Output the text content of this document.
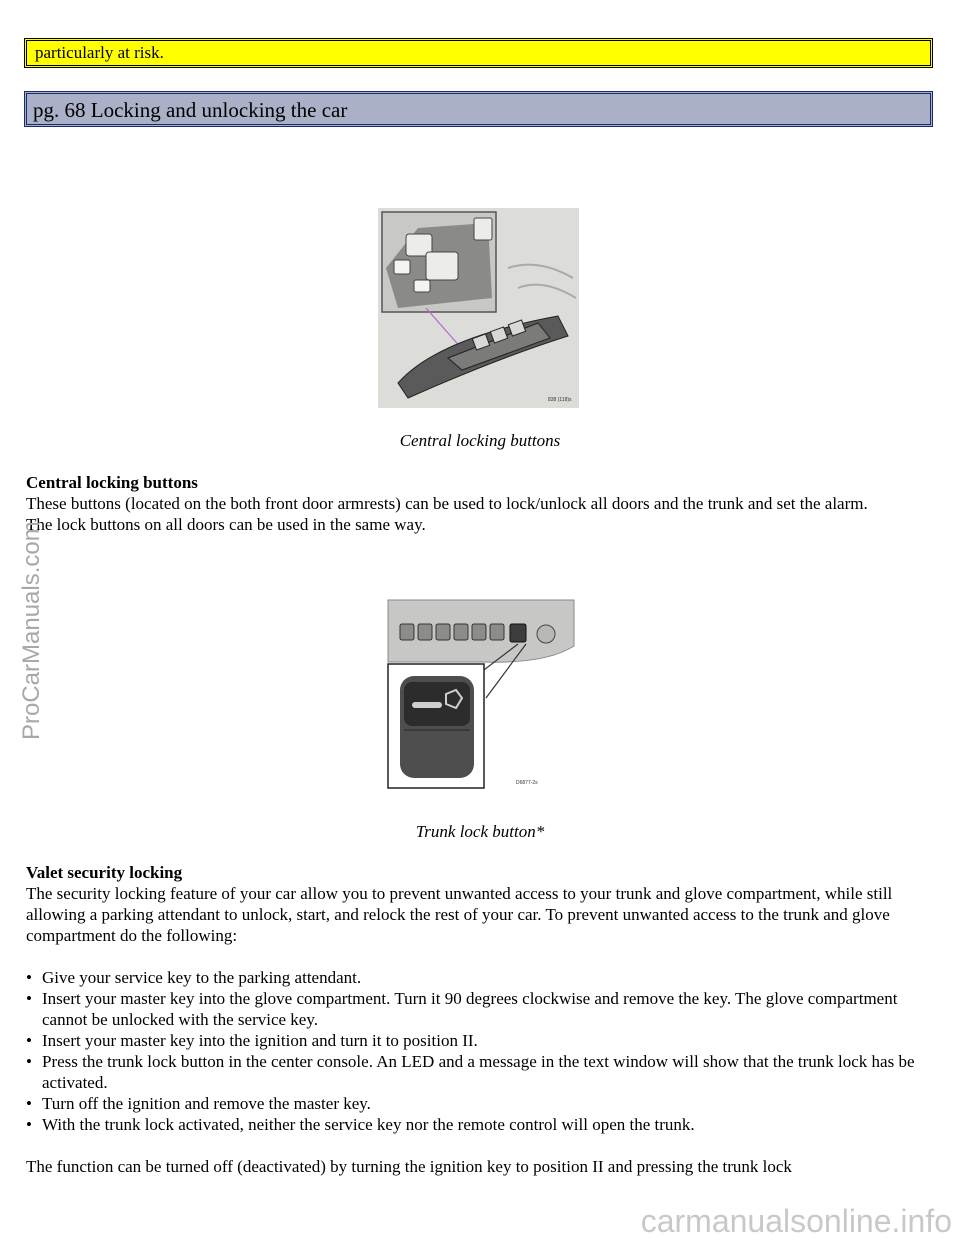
particularly at risk.
pg. 68 Locking and unlocking the car
838 (118)s
Central locking buttons
Central locking buttons
These buttons (located on the both front door armrests) can be used to lock/unlock all doors and the trunk and set the alarm.
The lock buttons on all doors can be used in the same way.
D6877-2s
Trunk lock button*
Valet security locking
The security locking feature of your car allow you to prevent unwanted access to your trunk and glove compartment, while still allowing a parking attendant to unlock, start, and relock the rest of your car. To prevent unwanted access to the trunk and glove compartment do the following:
• Give your service key to the parking attendant.
• Insert your master key into the glove compartment. Turn it 90 degrees clockwise and remove the key. The glove compartment cannot be unlocked with the service key.
• Insert your master key into the ignition and turn it to position II.
• Press the trunk lock button in the center console. An LED and a message in the text window will show that the trunk lock has be activated.
• Turn off the ignition and remove the master key.
• With the trunk lock activated, neither the service key nor the remote control will open the trunk.
The function can be turned off (deactivated) by turning the ignition key to position II and pressing the trunk lock
ProCarManuals.com
carmanualsonline.info
